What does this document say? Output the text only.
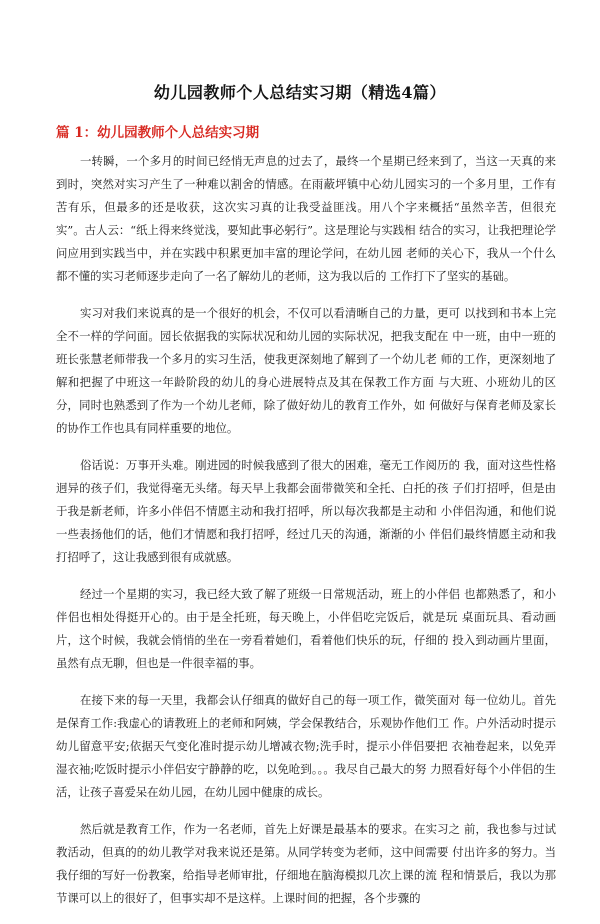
幼儿园教师个人总结实习期（精选4篇）
篇 1：幼儿园教师个人总结实习期

一转瞬，一个多月的时间已经悄无声息的过去了，最终一个星期已经来到了，当这一天真的来到时，突然对实习产生了一种难以割舍的情感。在雨蔽坪镇中心幼儿园实习的一个多月里，工作有苦有乐，但最多的还是收获，这次实习真的让我受益匪浅。用八个字来概括“虽然辛苦，但很充实”。古人云：“纸上得来终觉浅，要知此事必躬行”。这是理论与实践相 结合的实习，让我把理论学问应用到实践当中，并在实践中积累更加丰富的理论学问，在幼儿园 老师的关心下，我从一个什么都不懂的实习老师逐步走向了一名了解幼儿的老师，这为我以后的 工作打下了坚实的基础。

实习对我们来说真的是一个很好的机会，不仅可以看清晰自己的力量，更可 以找到和书本上完全不一样的学问面。园长依据我的实际状况和幼儿园的实际状况，把我支配在 中一班，由中一班的班长张慧老师带我一个多月的实习生活，使我更深刻地了解到了一个幼儿老 师的工作，更深刻地了解和把握了中班这一年龄阶段的幼儿的身心进展特点及其在保教工作方面 与大班、小班幼儿的区分，同时也熟悉到了作为一个幼儿老师，除了做好幼儿的教育工作外，如 何做好与保育老师及家长的协作工作也具有同样重要的地位。

俗话说：万事开头难。刚进园的时候我感到了很大的困难，毫无工作阅历的 我，面对这些性格迥异的孩子们，我觉得毫无头绪。每天早上我都会面带微笑和全托、白托的孩 子们打招呼，但是由于我是新老师，许多小伴侣不情愿主动和我打招呼，所以每次我都是主动和 小伴侣沟通，和他们说一些表扬他们的话，他们才情愿和我打招呼，经过几天的沟通，渐渐的小 伴侣们最终情愿主动和我打招呼了，这让我感到很有成就感。

经过一个星期的实习，我已经大致了解了班级一日常规活动，班上的小伴侣 也都熟悉了，和小伴侣也相处得挺开心的。由于是全托班，每天晚上，小伴侣吃完饭后，就是玩 桌面玩具、看动画片，这个时候，我就会悄悄的坐在一旁看着她们，看着他们快乐的玩，仔细的 投入到动画片里面，虽然有点无聊，但也是一件很幸福的事。

在接下来的每一天里，我都会认仔细真的做好自己的每一项工作，微笑面对 每一位幼儿。首先是保育工作:我虚心的请教班上的老师和阿姨，学会保教结合，乐观协作他们工 作。户外活动时提示幼儿留意平安;依据天气变化准时提示幼儿增减衣物;洗手时，提示小伴侣要把 衣袖卷起来，以免弄湿衣袖;吃饭时提示小伴侣安宁静静的吃，以免呛到。。。我尽自己最大的努 力照看好每个小伴侣的生活，让孩子喜爱呆在幼儿园，在幼儿园中健康的成长。

然后就是教育工作，作为一名老师，首先上好课是最基本的要求。在实习之 前，我也参与过试教活动，但真的的幼儿教学对我来说还是第。从同学转变为老师，这中间需要 付出许多的努力。当我仔细的写好一份教案，给指导老师审批，仔细地在脑海模拟几次上课的流 程和情景后，我以为那节课可以上的很好了，但事实却不是这样。上课时间的把握，各个步骤的
